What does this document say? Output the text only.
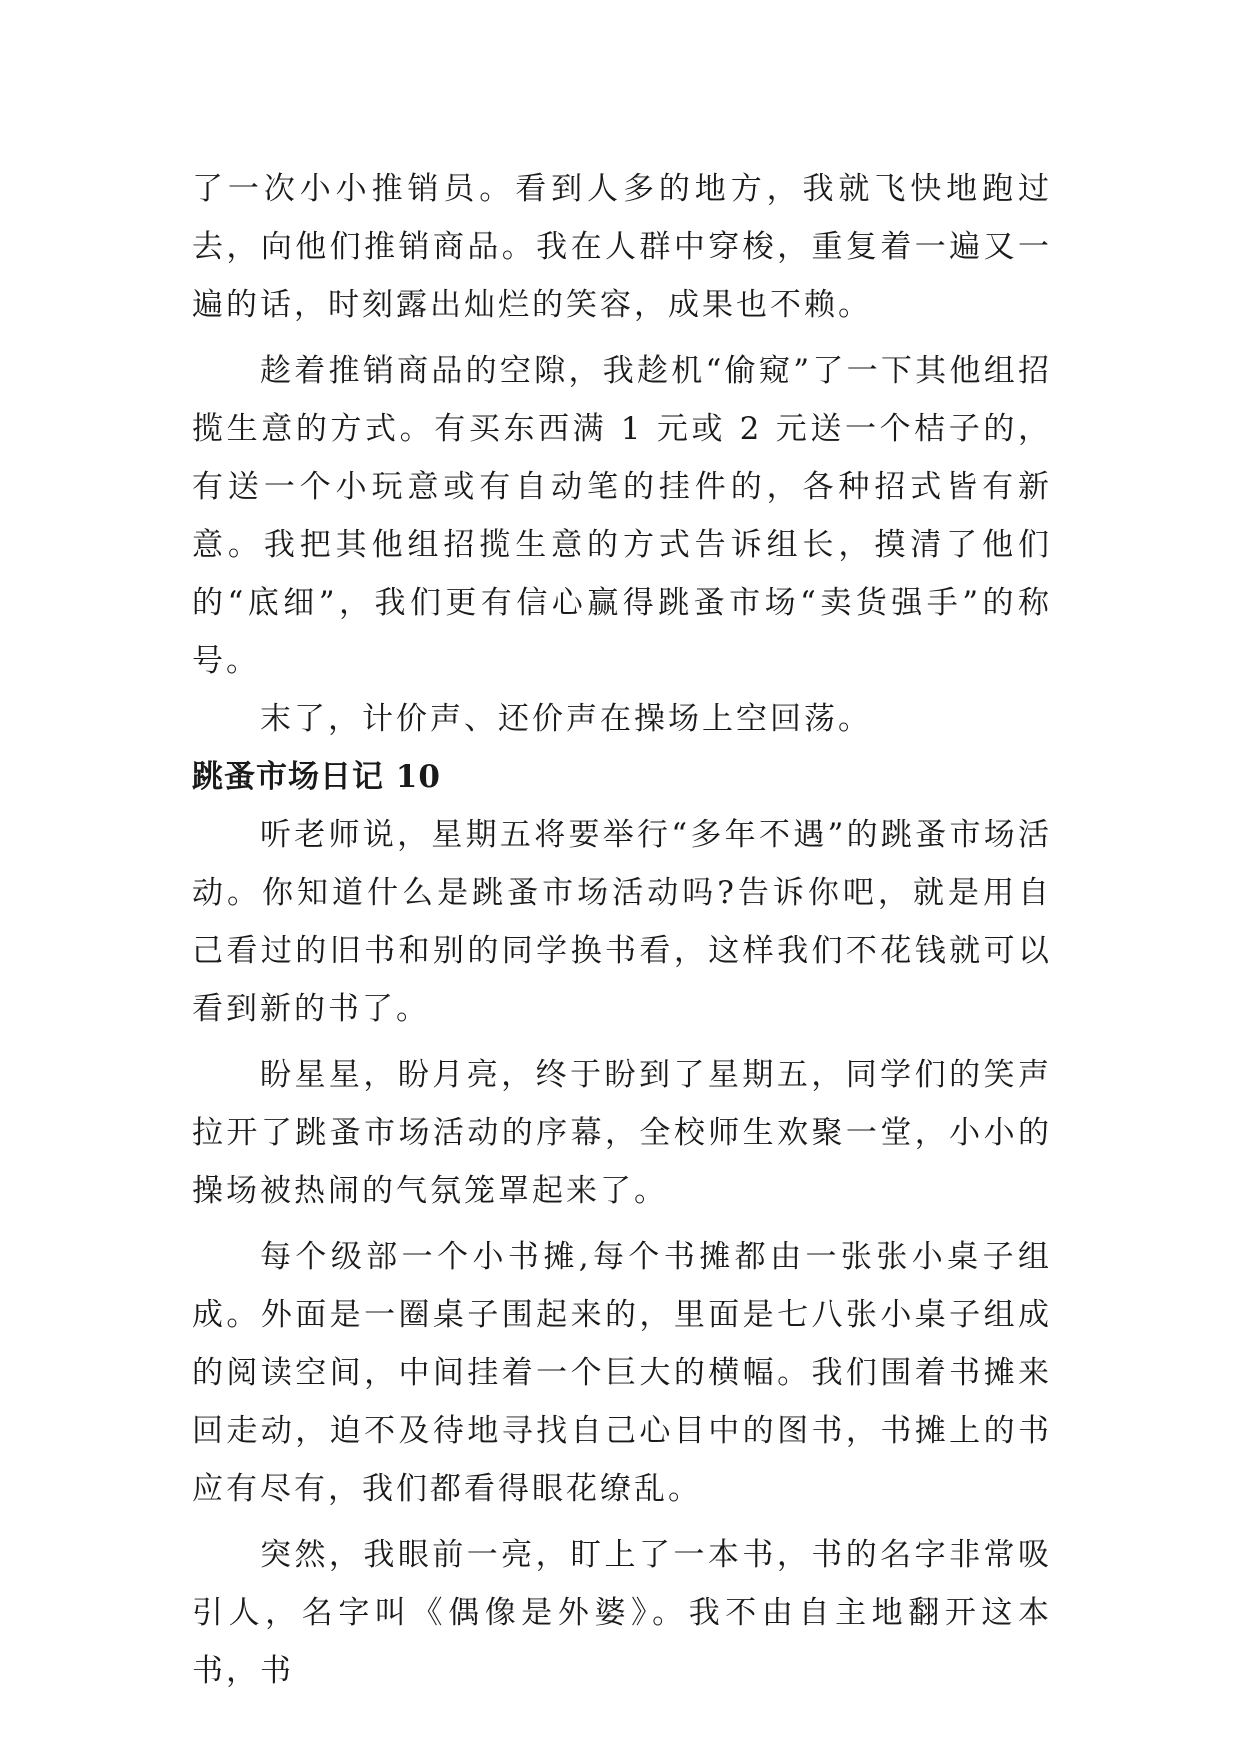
了一次小小推销员。看到人多的地方，我就飞快地跑过去，向他们推销商品。我在人群中穿梭，重复着一遍又一遍的话，时刻露出灿烂的笑容，成果也不赖。

趁着推销商品的空隙，我趁机“偷窥”了一下其他组招揽生意的方式。有买东西满 1 元或 2 元送一个桔子的，有送一个小玩意或有自动笔的挂件的，各种招式皆有新意。我把其他组招揽生意的方式告诉组长，摸清了他们的“底细”，我们更有信心赢得跳蚤市场“卖货强手”的称号。

末了，计价声、还价声在操场上空回荡。

跳蚤市场日记 10

听老师说，星期五将要举行“多年不遇”的跳蚤市场活动。你知道什么是跳蚤市场活动吗?告诉你吧，就是用自己看过的旧书和别的同学换书看，这样我们不花钱就可以看到新的书了。

盼星星，盼月亮，终于盼到了星期五，同学们的笑声拉开了跳蚤市场活动的序幕，全校师生欢聚一堂，小小的操场被热闹的气氛笼罩起来了。

每个级部一个小书摊,每个书摊都由一张张小桌子组成。外面是一圈桌子围起来的，里面是七八张小桌子组成的阅读空间，中间挂着一个巨大的横幅。我们围着书摊来回走动，迫不及待地寻找自己心目中的图书，书摊上的书应有尽有，我们都看得眼花缭乱。

突然，我眼前一亮，盯上了一本书，书的名字非常吸引人，名字叫《偶像是外婆》。我不由自主地翻开这本书，书
